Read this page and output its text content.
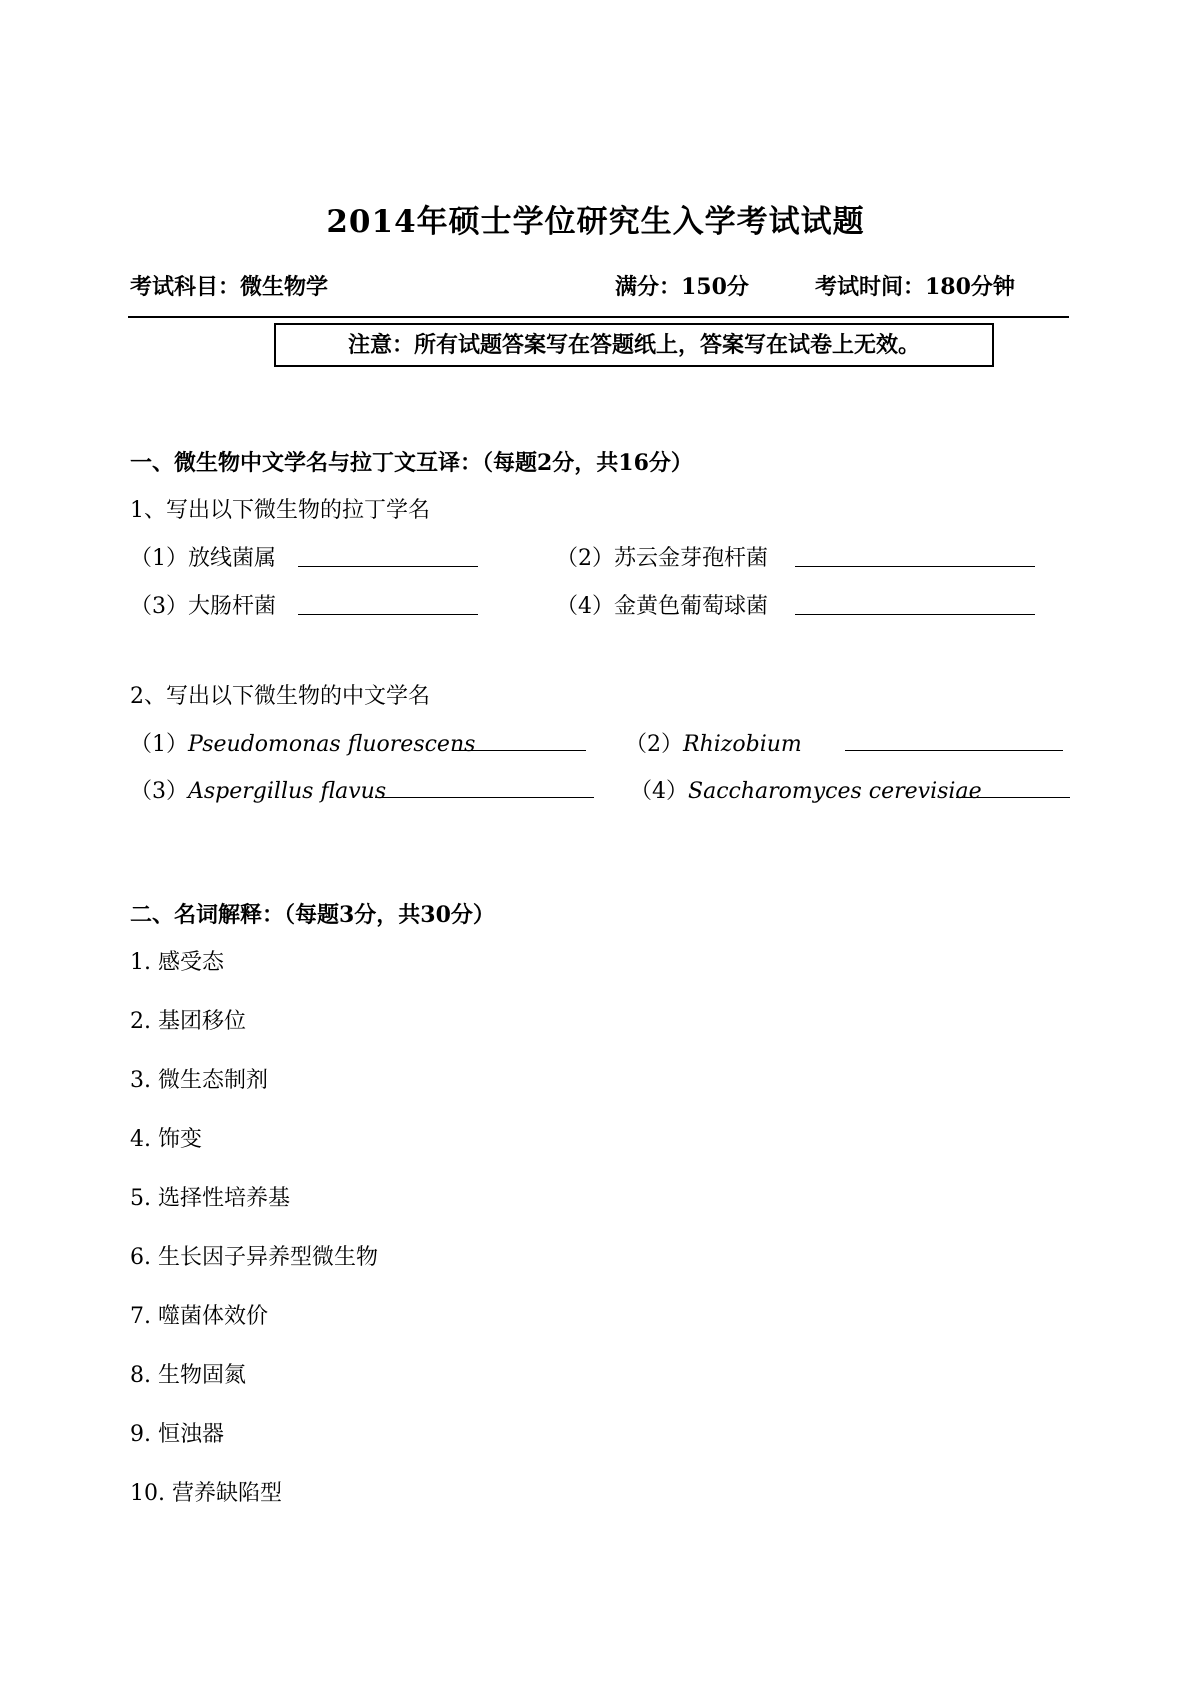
2014年硕士学位研究生入学考试试题
考试科目：微生物学	满分：150分	考试时间：180分钟
注意：所有试题答案写在答题纸上，答案写在试卷上无效。
一、微生物中文学名与拉丁文互译：（每题2分，共16分）
1、写出以下微生物的拉丁学名
（1）放线菌属	（2）苏云金芽孢杆菌
（3）大肠杆菌	（4）金黄色葡萄球菌
2、写出以下微生物的中文学名
（1）Pseudomonas fluorescens	（2）Rhizobium
（3）Aspergillus flavus	（4）Saccharomyces cerevisiae
二、名词解释：（每题3分，共30分）
1. 感受态
2. 基团移位
3. 微生态制剂
4. 饰变
5. 选择性培养基
6. 生长因子异养型微生物
7. 噬菌体效价
8. 生物固氮
9. 恒浊器
10. 营养缺陷型
